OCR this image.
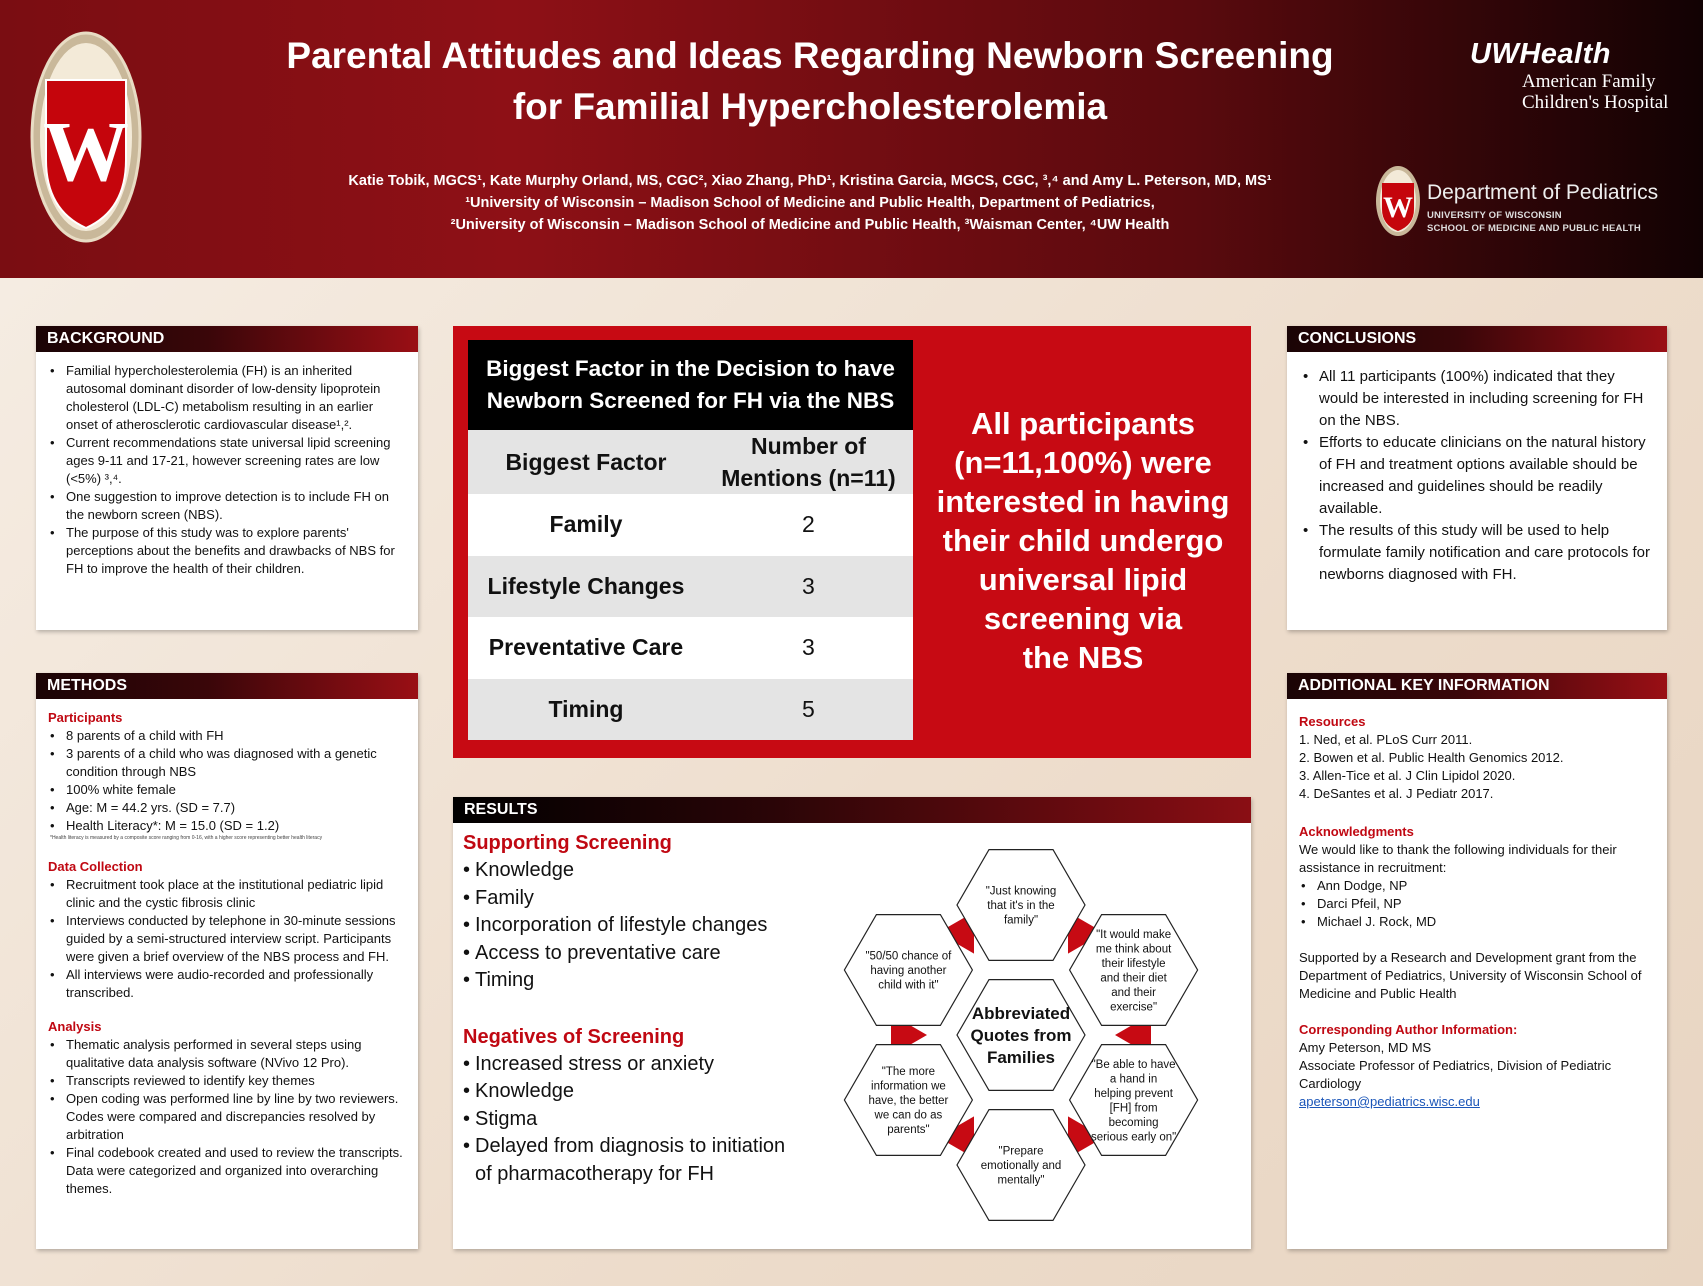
W
Parental Attitudes and Ideas Regarding Newborn Screening
for Familial Hypercholesterolemia
Katie Tobik, MGCS¹, Kate Murphy Orland, MS, CGC², Xiao Zhang, PhD¹, Kristina Garcia, MGCS, CGC, ³,⁴ and Amy L. Peterson, MD, MS¹
¹University of Wisconsin – Madison School of Medicine and Public Health, Department of Pediatrics,
²University of Wisconsin – Madison School of Medicine and Public Health, ³Waisman Center, ⁴UW Health
UWHealth
American Family
Children's Hospital
W Department of Pediatrics
UNIVERSITY OF WISCONSIN
SCHOOL OF MEDICINE AND PUBLIC HEALTH
BACKGROUND
• Familial hypercholesterolemia (FH) is an inherited autosomal dominant disorder of low-density lipoprotein cholesterol (LDL-C) metabolism resulting in an earlier onset of atherosclerotic cardiovascular disease¹,².
• Current recommendations state universal lipid screening ages 9-11 and 17-21, however screening rates are low (<5%) ³,⁴.
• One suggestion to improve detection is to include FH on the newborn screen (NBS).
• The purpose of this study was to explore parents' perceptions about the benefits and drawbacks of NBS for FH to improve the health of their children.
METHODS
Participants
• 8 parents of a child with FH
• 3 parents of a child who was diagnosed with a genetic condition through NBS
• 100% white female
• Age: M = 44.2 yrs. (SD = 7.7)
• Health Literacy*: M = 15.0 (SD = 1.2)
*Health literacy is measured by a composite score ranging from 0-16, with a higher score representing better health literacy
Data Collection
• Recruitment took place at the institutional pediatric lipid clinic and the cystic fibrosis clinic
• Interviews conducted by telephone in 30-minute sessions guided by a semi-structured interview script. Participants were given a brief overview of the NBS process and FH.
• All interviews were audio-recorded and professionally transcribed.
Analysis
• Thematic analysis performed in several steps using qualitative data analysis software (NVivo 12 Pro).
• Transcripts reviewed to identify key themes
• Open coding was performed line by line by two reviewers. Codes were compared and discrepancies resolved by arbitration
• Final codebook created and used to review the transcripts. Data were categorized and organized into overarching themes.
Biggest Factor in the Decision to have
Newborn Screened for FH via the NBS
Biggest Factor	Number of
Mentions (n=11)
Family	2
Lifestyle Changes	3
Preventative Care	3
Timing	5
All participants
(n=11,100%) were
interested in having
their child undergo
universal lipid
screening via
the NBS
RESULTS
Supporting Screening
• Knowledge
• Family
• Incorporation of lifestyle changes
• Access to preventative care
• Timing
Negatives of Screening
• Increased stress or anxiety
• Knowledge
• Stigma
• Delayed from diagnosis to initiation of pharmacotherapy for FH
"Just knowing
that it's in the
family"
"It would make
me think about
their lifestyle
and their diet
and their
exercise"
"Be able to have
a hand in
helping prevent
[FH] from
becoming
serious early on"
"Prepare
emotionally and
mentally"
"The more
information we
have, the better
we can do as
parents"
"50/50 chance of
having another
child with it"
Abbreviated
Quotes from
Families
CONCLUSIONS
• All 11 participants (100%) indicated that they would be interested in including screening for FH on the NBS.
• Efforts to educate clinicians on the natural history of FH and treatment options available should be increased and guidelines should be readily available.
• The results of this study will be used to help formulate family notification and care protocols for newborns diagnosed with FH.
ADDITIONAL KEY INFORMATION
Resources
1. Ned, et al. PLoS Curr 2011.
2. Bowen et al. Public Health Genomics 2012.
3. Allen-Tice et al. J Clin Lipidol 2020.
4. DeSantes et al. J Pediatr 2017.
Acknowledgments
We would like to thank the following individuals for their assistance in recruitment:
• Ann Dodge, NP
• Darci Pfeil, NP
• Michael J. Rock, MD
Supported by a Research and Development grant from the Department of Pediatrics, University of Wisconsin School of Medicine and Public Health
Corresponding Author Information:
Amy Peterson, MD MS
Associate Professor of Pediatrics, Division of Pediatric Cardiology
apeterson@pediatrics.wisc.edu
